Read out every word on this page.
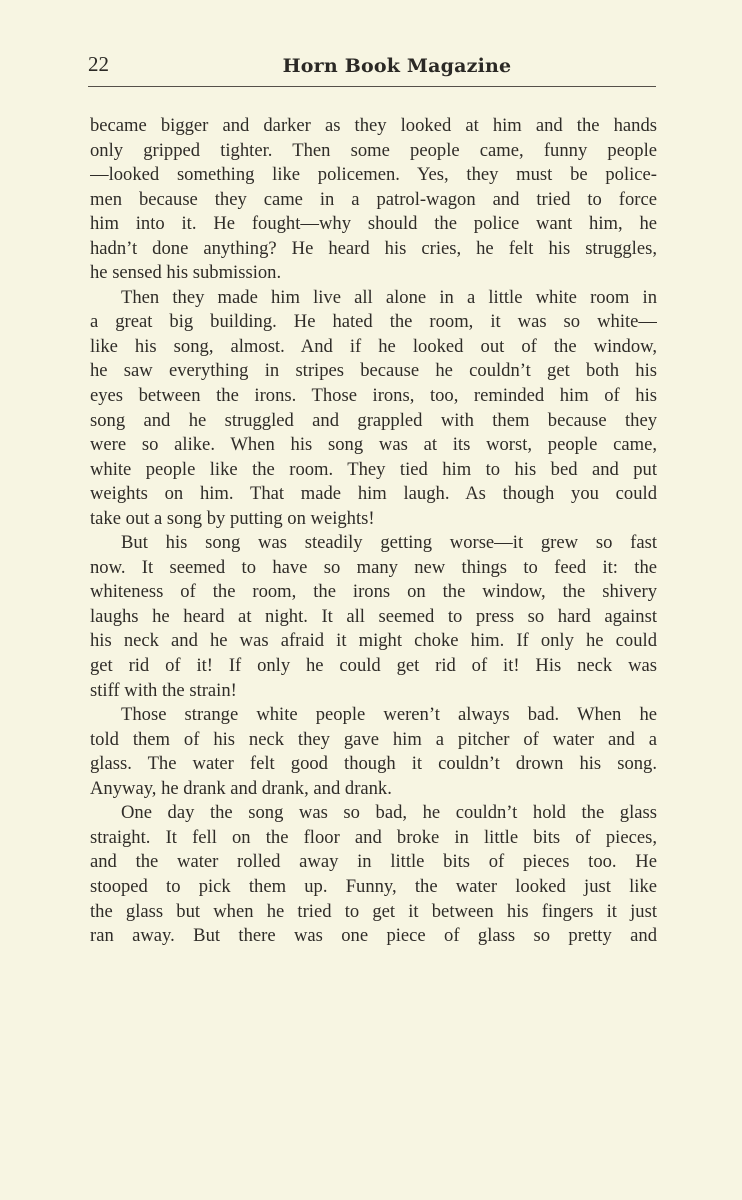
22	Horn Book Magazine
became bigger and darker as they looked at him and the hands
only gripped tighter. Then some people came, funny people
—looked something like policemen. Yes, they must be police-
men because they came in a patrol-wagon and tried to force
him into it. He fought—why should the police want him, he
hadn’t done anything? He heard his cries, he felt his struggles,
he sensed his submission.
Then they made him live all alone in a little white room in
a great big building. He hated the room, it was so white—
like his song, almost. And if he looked out of the window,
he saw everything in stripes because he couldn’t get both his
eyes between the irons. Those irons, too, reminded him of his
song and he struggled and grappled with them because they
were so alike. When his song was at its worst, people came,
white people like the room. They tied him to his bed and put
weights on him. That made him laugh. As though you could
take out a song by putting on weights!
But his song was steadily getting worse—it grew so fast
now. It seemed to have so many new things to feed it: the
whiteness of the room, the irons on the window, the shivery
laughs he heard at night. It all seemed to press so hard against
his neck and he was afraid it might choke him. If only he could
get rid of it! If only he could get rid of it! His neck was
stiff with the strain!
Those strange white people weren’t always bad. When he
told them of his neck they gave him a pitcher of water and a
glass. The water felt good though it couldn’t drown his song.
Anyway, he drank and drank, and drank.
One day the song was so bad, he couldn’t hold the glass
straight. It fell on the floor and broke in little bits of pieces,
and the water rolled away in little bits of pieces too. He
stooped to pick them up. Funny, the water looked just like
the glass but when he tried to get it between his fingers it just
ran away. But there was one piece of glass so pretty and
